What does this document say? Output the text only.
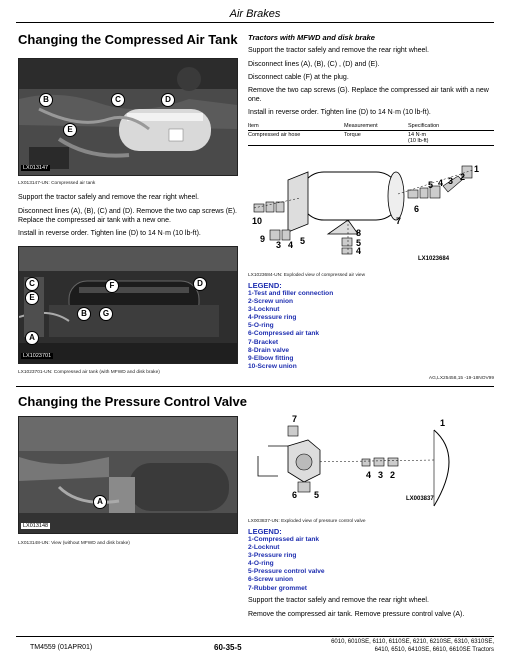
Air Brakes
Changing the Compressed Air Tank
B	C	D
E
LX013147
LX013147-UN: Compressed air tank
Support the tractor safely and remove the rear right wheel.
Disconnect lines (A), (B), (C) and (D). Remove the two cap screws (E). Replace the compressed air tank with a new one.
Install in reverse order. Tighten line (D) to 14 N·m (10 lb-ft).
C	F	D
E
B	G
A
LX1023701
LX1023701-UN: Compressed air tank (with MFWD and disk brake)
Tractors with MFWD and disk brake
Support the tractor safely and remove the rear right wheel.
Disconnect lines (A), (B), (C) , (D) and (E).
Disconnect cable (F) at the plug.
Remove the two cap screws (G). Replace the compressed air tank with a new one.
Install in reverse order. Tighten line (D) to 14 N·m (10 lb-ft).
Item	Measurement	Specification
Compressed air hose	Torque	14 N·m
(10 lb-ft)
1
2
3
4
5
6
7
8
9
10
3 4 5
4
5
LX1023684
LX1023684-UN: Exploded view of compressed air view
LEGEND:
1-Test and filler connection
2-Screw union
3-Locknut
4-Pressure ring
5-O-ring
6-Compressed air tank
7-Bracket
8-Drain valve
9-Elbow fitting
10-Screw union
AG,LX25458,15 -19-18NOV99
Changing the Pressure Control Valve
A
LX013148
LX013148-UN: View (without MFWD and disk brake)
7	1
2
3
4
5
6	LX003837
LX003837-UN: Exploded view of pressure control valve
LEGEND:
1-Compressed air tank
2-Locknut
3-Pressure ring
4-O-ring
5-Pressure control valve
6-Screw union
7-Rubber grommet
Support the tractor safely and remove the rear right wheel.
Remove the compressed air tank. Remove pressure control valve (A).
TM4559 (01APR01)	60-35-5
6010, 6010SE, 6110, 6110SE, 6210, 6210SE, 6310, 6310SE,
6410, 6510, 6410SE, 6610, 6610SE Tractors
